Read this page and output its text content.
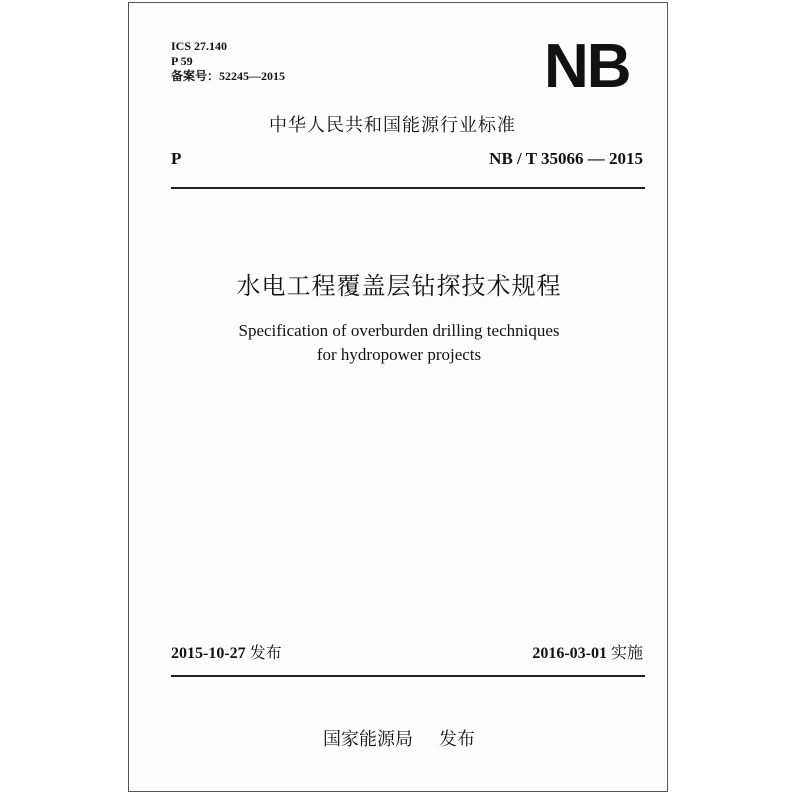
ICS 27.140
P 59
备案号：52245—2015	NB
中华人民共和国能源行业标准
P	NB / T 35066 — 2015
水电工程覆盖层钻探技术规程
Specification of overburden drilling techniques
for hydropower projects
2015-10-27 发布	2016-03-01 实施
国家能源局 发布
